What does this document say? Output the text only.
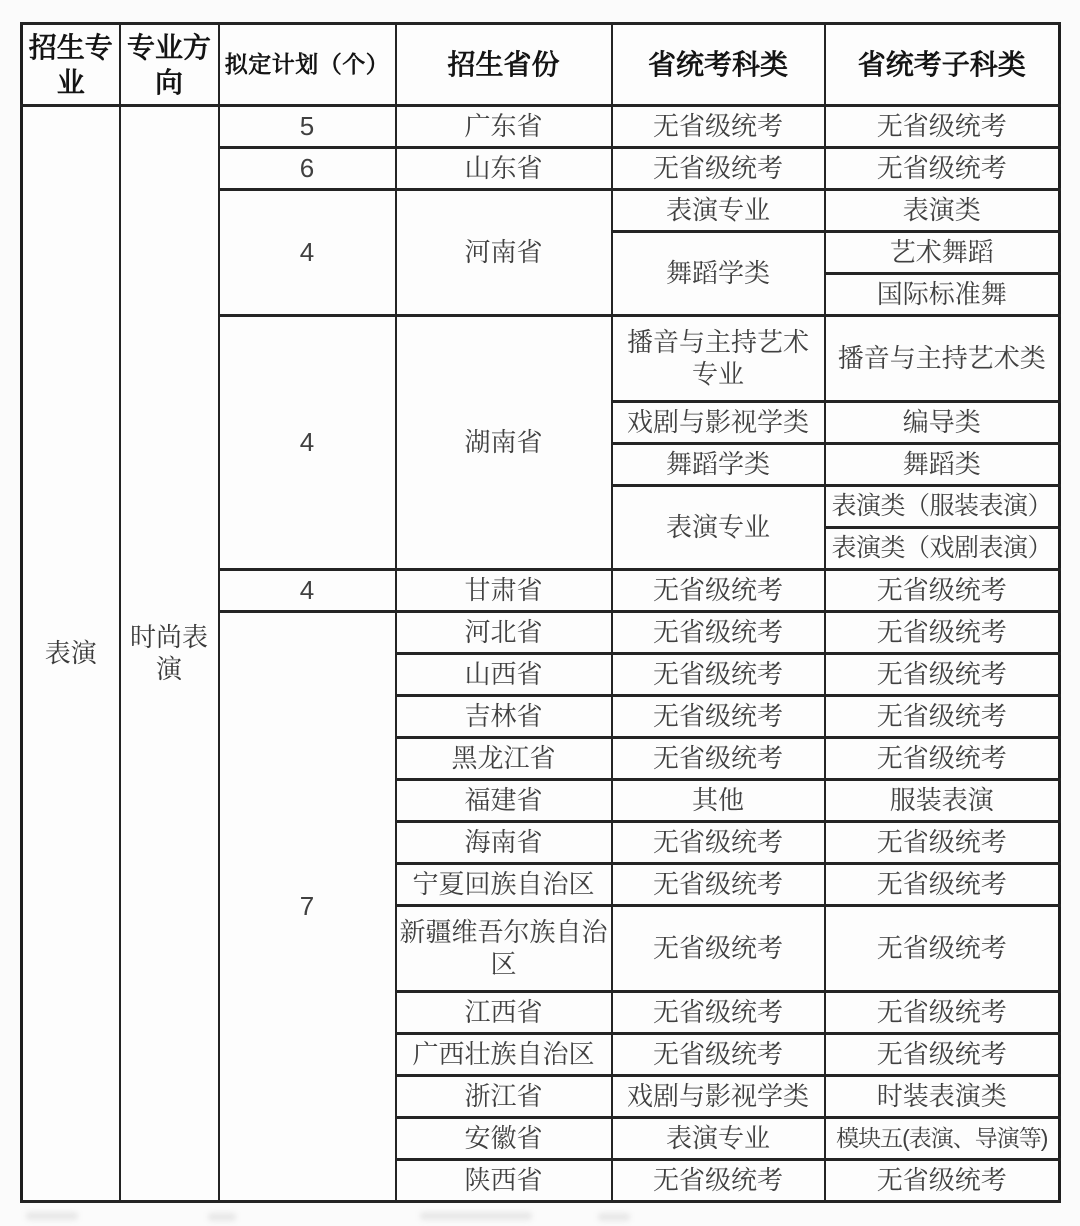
招生专业	专业方向	拟定计划（个）	招生省份	省统考科类	省统考子科类
表演	时尚表演	5	广东省	无省级统考	无省级统考
		6	山东省	无省级统考	无省级统考
		4	河南省	表演专业	表演类
				舞蹈学类	艺术舞蹈
					国际标准舞
		4	湖南省	播音与主持艺术专业	播音与主持艺术类
				戏剧与影视学类	编导类
				舞蹈学类	舞蹈类
				表演专业	表演类（服装表演）
					表演类（戏剧表演）
		4	甘肃省	无省级统考	无省级统考
		7	河北省	无省级统考	无省级统考
			山西省	无省级统考	无省级统考
			吉林省	无省级统考	无省级统考
			黑龙江省	无省级统考	无省级统考
			福建省	其他	服装表演
			海南省	无省级统考	无省级统考
			宁夏回族自治区	无省级统考	无省级统考
			新疆维吾尔族自治区	无省级统考	无省级统考
			江西省	无省级统考	无省级统考
			广西壮族自治区	无省级统考	无省级统考
			浙江省	戏剧与影视学类	时装表演类
			安徽省	表演专业	模块五(表演、导演等)
			陕西省	无省级统考	无省级统考
